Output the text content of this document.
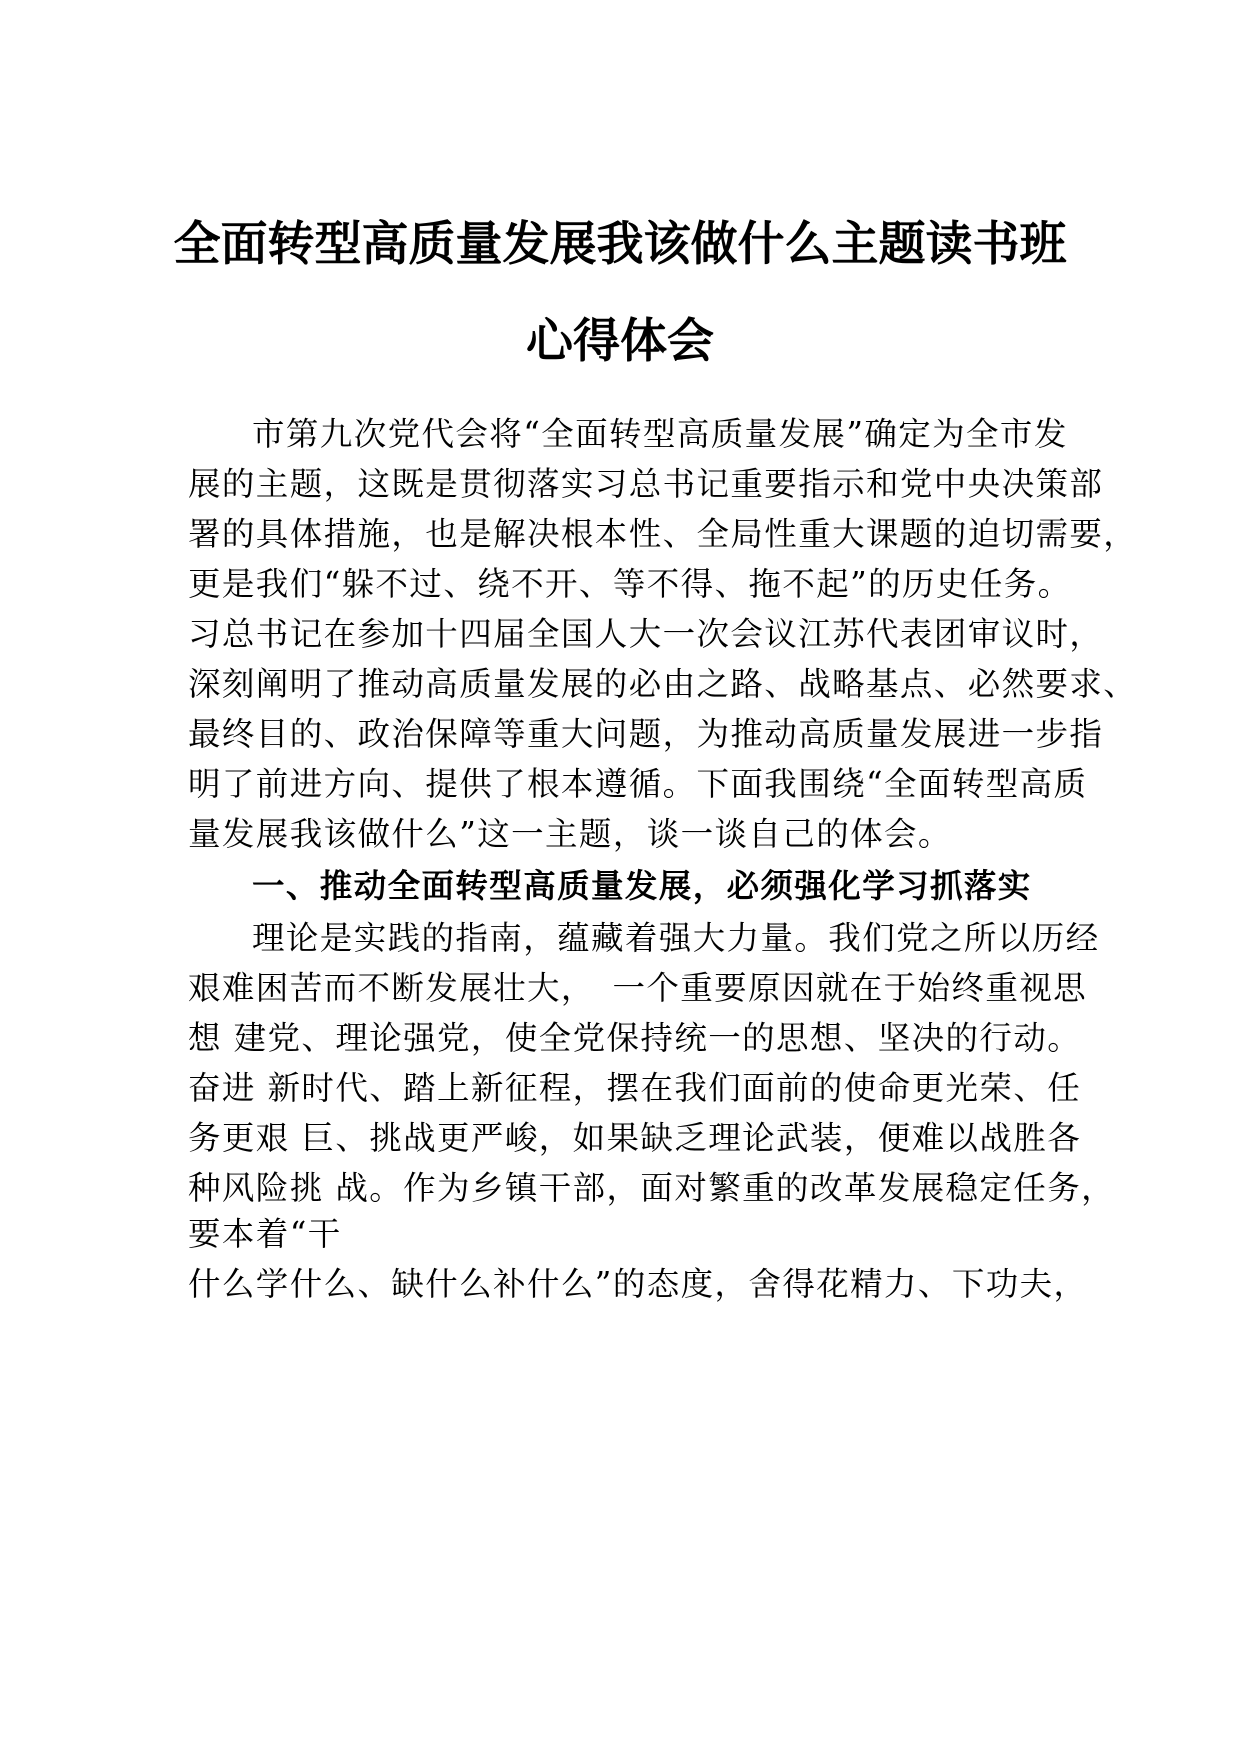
全面转型高质量发展我该做什么主题读书班
心得体会

市第九次党代会将“全面转型高质量发展”确定为全市发

展的主题，这既是贯彻落实习总书记重要指示和党中央决策部

署的具体措施，也是解决根本性、全局性重大课题的迫切需要，

更是我们“躲不过、绕不开、等不得、拖不起”的历史任务。

习总书记在参加十四届全国人大一次会议江苏代表团审议时，

深刻阐明了推动高质量发展的必由之路、战略基点、必然要求、

最终目的、政治保障等重大问题，为推动高质量发展进一步指

明了前进方向、提供了根本遵循。下面我围绕“全面转型高质

量发展我该做什么”这一主题，谈一谈自己的体会。

一、推动全面转型高质量发展，必须强化学习抓落实

理论是实践的指南，蕴藏着强大力量。我们党之所以历经

艰难困苦而不断发展壮大，　一个重要原因就在于始终重视思

想 建党、理论强党，使全党保持统一的思想、坚决的行动。

奋进 新时代、踏上新征程，摆在我们面前的使命更光荣、任

务更艰 巨、挑战更严峻，如果缺乏理论武装，便难以战胜各

种风险挑 战。作为乡镇干部，面对繁重的改革发展稳定任务，

要本着“干

什么学什么、缺什么补什么”的态度，舍得花精力、下功夫，
